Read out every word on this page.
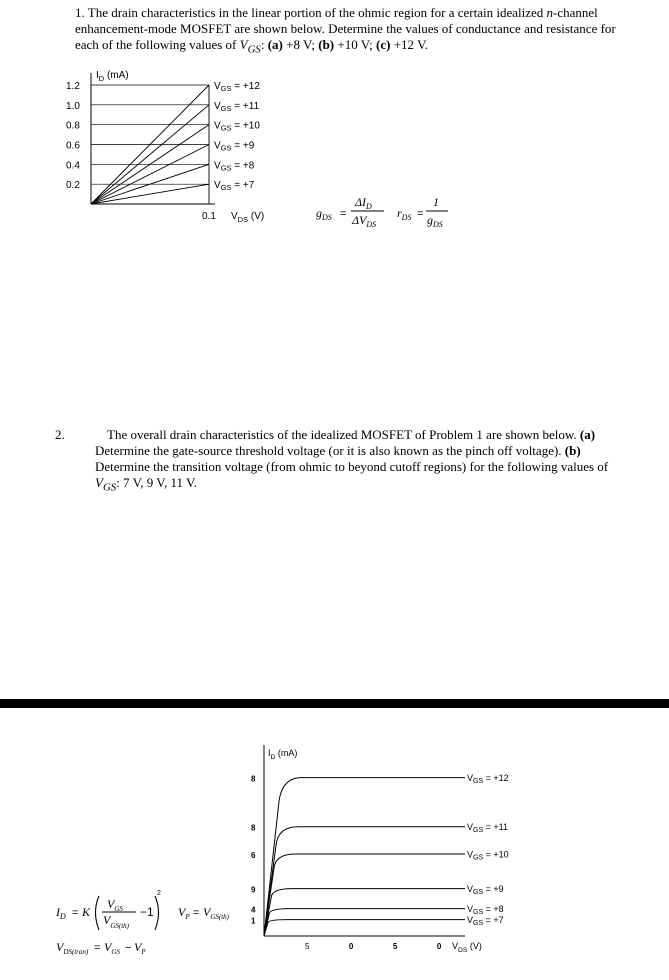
1. The drain characteristics in the linear portion of the ohmic region for a certain idealized n-channel enhancement-mode MOSFET are shown below. Determine the values of conductance and resistance for each of the following values of $V_{GS}$: (a) +8 V; (b) +10 V; (c) +12 V.
1.2
1.0
0.8
0.6
0.4
0.2
$V_{GS} = +12$
$V_{GS} = +11$
$V_{GS} = +10$
$V_{GS} = +9$
$V_{GS} = +8$
$V_{GS} = +7$
$I_D$ (mA)
0.1 $V_{DS}$ (V)	$g_{DS}$ =
$\Delta I_D$
$\Delta V_{DS}$
$r_{DS}$ =
1
$g_{DS}$
2.	The overall drain characteristics of the idealized MOSFET of Problem 1 are shown below. (a) Determine the gate-source threshold voltage (or it is also known as the pinch off voltage). (b) Determine the transition voltage (from ohmic to beyond cutoff regions) for the following values of $V_{GS}$: 7 V, 9 V, 11 V.
$I_D$ (mA)
8
8
6
9
4
1
5	0	5	0 $V_{DS}$ (V)
$V_{GS} = +12$
$V_{GS} = +11$
$V_{GS} = +10$
$V_{GS} = +9$
$V_{GS} = +8$
$V_{GS} = +7$
$I_D = K$
$V_{GS}$
$V_{GS(th)}$
−1
2
$V_P = V_{GS(th)}$
$V_{DS(tran)} = V_{GS} - V_P$
